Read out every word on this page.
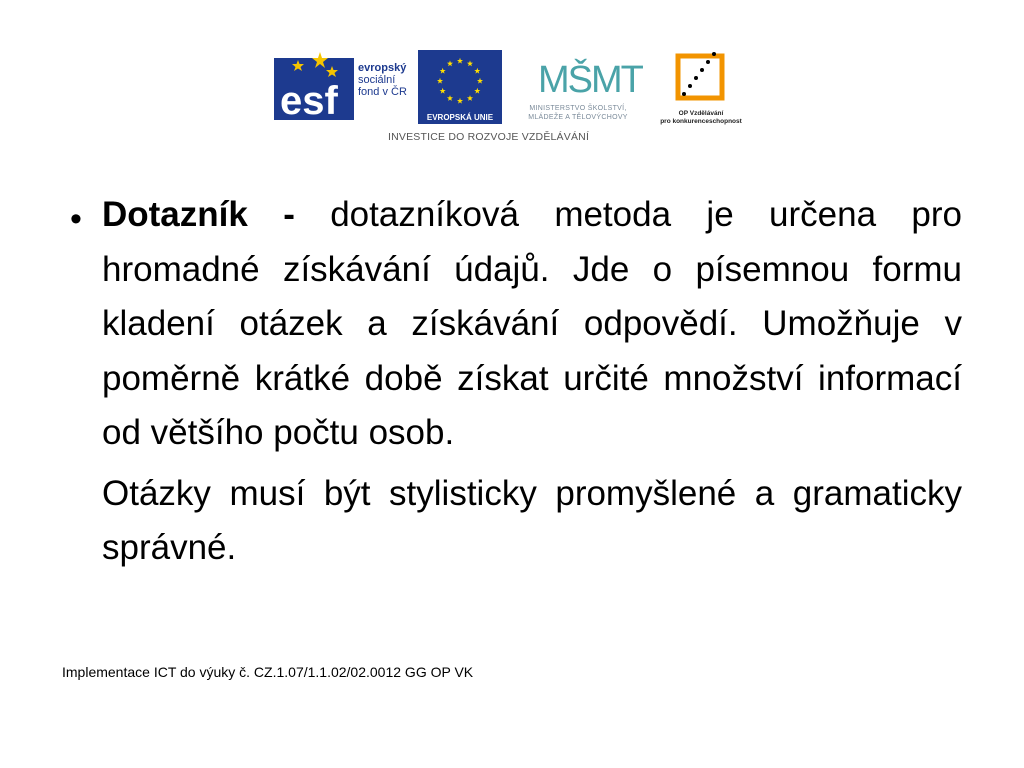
esf
evropský
sociální
fond v ČR
EVROPSKÁ UNIE
MŠMT
MINISTERSTVO ŠKOLSTVÍ,
MLÁDEŽE A TĚLOVÝCHOVY
OP Vzdělávání
pro konkurenceschopnost
INVESTICE DO ROZVOJE VZDĚLÁVÁNÍ
• Dotazník - dotazníková metoda je určena pro hromadné získávání údajů. Jde o písemnou formu kladení otázek a získávání odpovědí. Umožňuje v poměrně krátké době získat určité množství informací od většího počtu osob.

Otázky musí být stylisticky promyšlené a gramaticky správné.

Implementace ICT do výuky č. CZ.1.07/1.1.02/02.0012 GG OP VK
